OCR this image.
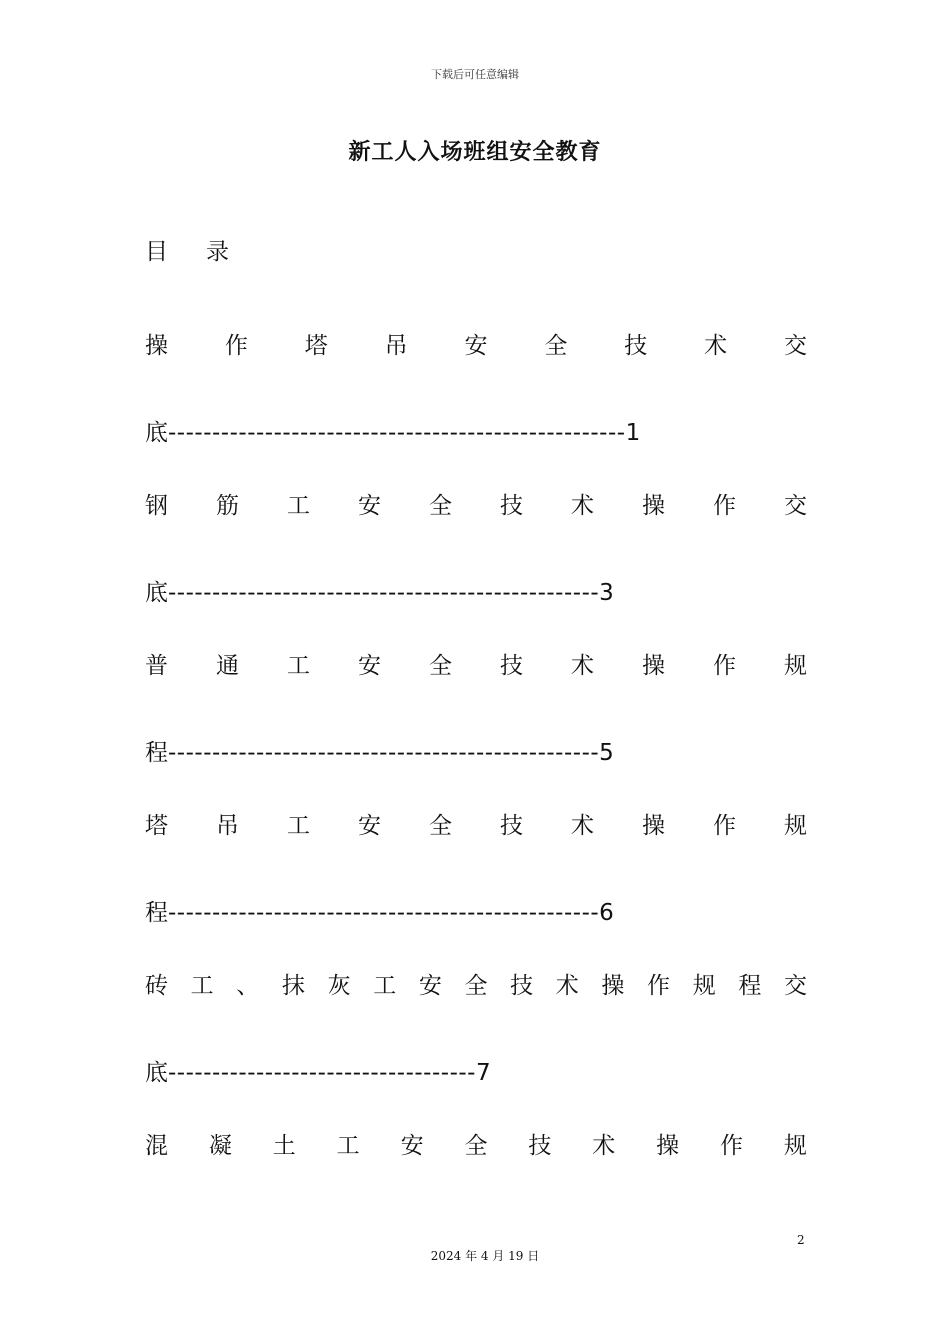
下载后可任意编辑

新工人入场班组安全教育

目录

操 作 塔 吊 安 全 技 术 交
底----------------------------------------------------1
钢 筋 工 安 全 技 术 操 作 交
底-------------------------------------------------3
普 通 工 安 全 技 术 操 作 规
程-------------------------------------------------5
塔 吊 工 安 全 技 术 操 作 规
程-------------------------------------------------6
砖 工 、 抹 灰 工 安 全 技 术 操 作 规 程 交
底-----------------------------------7
混 凝 土 工 安 全 技 术 操 作 规

2

2024 年 4 月 19 日
